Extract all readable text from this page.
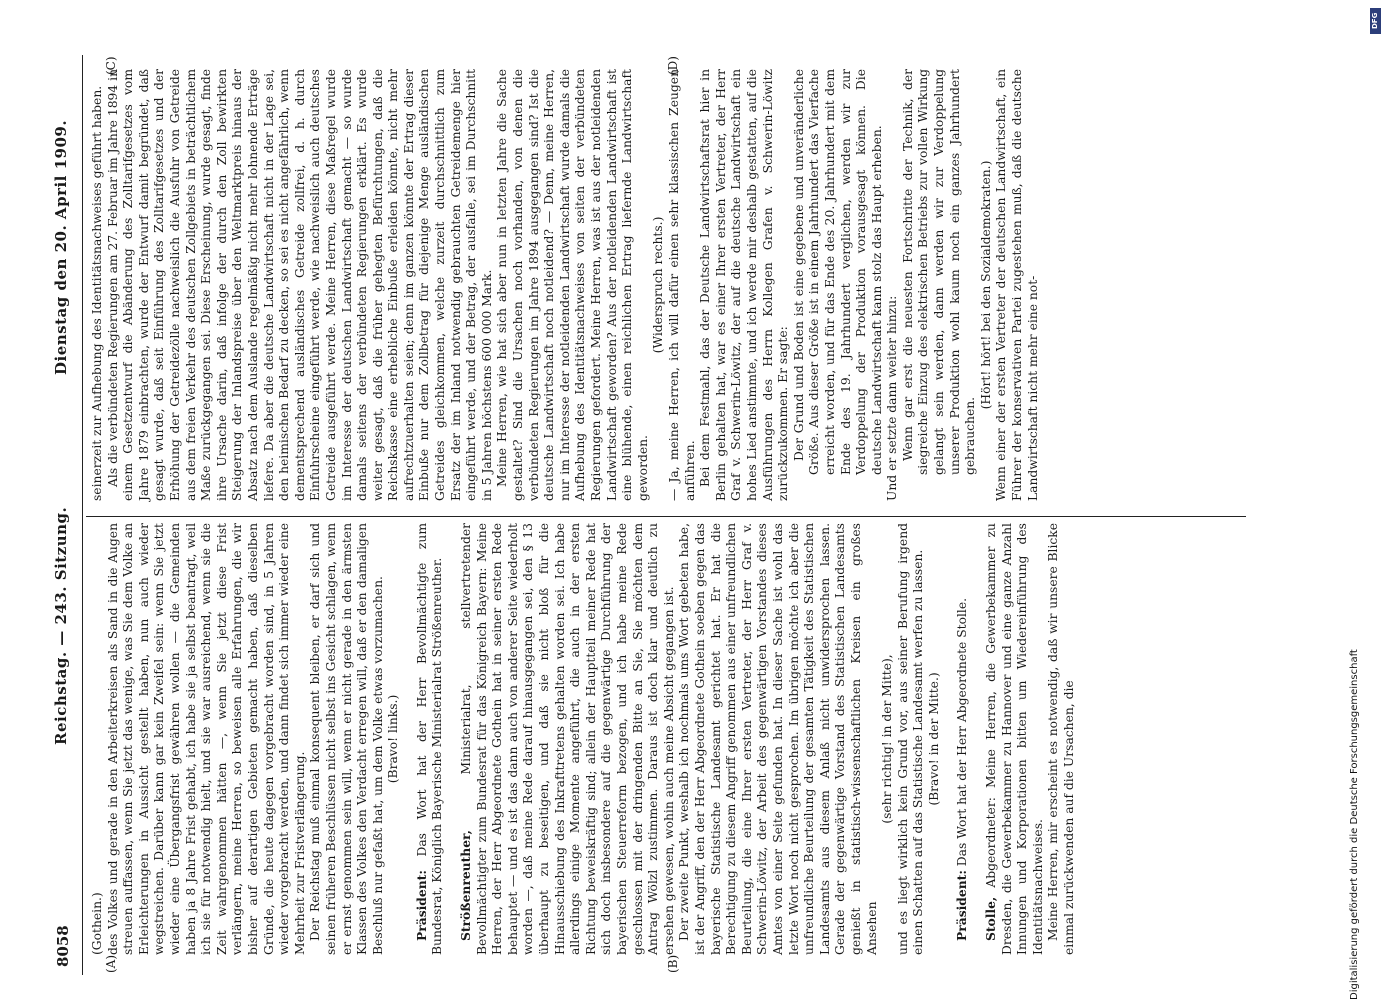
8058
Reichstag. — 243. Sitzung.
Dienstag den 20. April 1909.
(A)	(B)
(C)	(D)

(Gothein.) des Volkes und gerade in den Arbeiterkreisen als Sand in die Augen streuen auffassen, wenn Sie jetzt das wenige, was Sie dem Volke an Erleichterungen in Aussicht gestellt haben, nun auch wieder wegstreichen. Darüber kann gar kein Zweifel sein: wenn Sie jetzt wieder eine Übergangsfrist gewähren wollen — die Gemeinden haben ja 8 Jahre Frist gehabt, ich habe sie ja selbst beantragt, weil ich sie für notwendig hielt, und sie war ausreichend, wenn sie die Zeit wahrgenommen hätten —, wenn Sie jetzt diese Frist verlängern, meine Herren, so beweisen alle Erfahrungen, die wir bisher auf derartigen Gebieten gemacht haben, daß dieselben Gründe, die heute dagegen vorgebracht worden sind, in 5 Jahren wieder vorgebracht werden, und dann findet sich immer wieder eine Mehrheit zur Fristverlängerung. Der Reichstag muß einmal konsequent bleiben, er darf sich und seinen früheren Beschlüssen nicht selbst ins Gesicht schlagen, wenn er ernst genommen sein will, wenn er nicht gerade in den ärmsten Klassen des Volkes den Verdacht erregen will, daß er den damaligen Beschluß nur gefaßt hat, um dem Volke etwas vorzumachen. (Bravo! links.)

Präsident: Das Wort hat der Herr Bevollmächtigte zum Bundesrat, Königlich Bayerische Ministerialrat Strößenreuther. Strößenreuther, Ministerialrat, stellvertretender Bevollmächtigter zum Bundesrat für das Königreich Bayern: Meine Herren, der Herr Abgeordnete Gothein hat in seiner ersten Rede behauptet — und es ist das dann auch von anderer Seite wiederholt worden —, daß meine Rede darauf hinausgegangen sei, den § 13 überhaupt zu beseitigen, und daß sie nicht bloß für die Hinausschiebung des Inkrafttretens gehalten worden sei. Ich habe allerdings einige Momente angeführt, die auch in der ersten Richtung beweiskräftig sind; allein der Hauptteil meiner Rede hat sich doch insbesondere auf die gegenwärtige Durchführung der bayerischen Steuerreform bezogen, und ich habe meine Rede geschlossen mit der dringenden Bitte an Sie, Sie möchten dem Antrag Wölzl zustimmen. Daraus ist doch klar und deutlich zu ersehen gewesen, wohin auch meine Absicht gegangen ist. Der zweite Punkt, weshalb ich nochmals ums Wort gebeten habe, ist der Angriff, den der Herr Abgeordnete Gothein soeben gegen das bayerische Statistische Landesamt gerichtet hat. Er hat die Berechtigung zu diesem Angriff genommen aus einer unfreundlichen Beurteilung, die eine Ihrer ersten Vertreter, der Herr Graf v. Schwerin-Löwitz, der Arbeit des gegenwärtigen Vorstandes dieses Amtes von einer Seite gefunden hat. In dieser Sache ist wohl das letzte Wort noch nicht gesprochen. Im übrigen möchte ich aber die unfreundliche Beurteilung der gesamten Tätigkeit des Statistischen Landesamts aus diesem Anlaß nicht unwidersprochen lassen. Gerade der gegenwärtige Vorstand des Statistischen Landesamts genießt in statistisch-wissenschaftlichen Kreisen ein großes Ansehen

(sehr richtig! in der Mitte), und es liegt wirklich kein Grund vor, aus seiner Berufung irgend einen Schatten auf das Statistische Landesamt werfen zu lassen. (Bravo! in der Mitte.)

Präsident: Das Wort hat der Herr Abgeordnete Stolle.

Stolle, Abgeordneter: Meine Herren, die Gewerbekammer zu Dresden, die Gewerbekammer zu Hannover und eine ganze Anzahl Innungen und Korporationen bitten um Wiedereinführung des Identitätsnachweises. Meine Herren, mir erscheint es notwendig, daß wir unsere Blicke einmal zurückwenden auf die Ursachen, die

seinerzeit zur Aufhebung des Identitätsnachweises geführt haben. Als die verbündeten Regierungen am 27. Februar im Jahre 1894 in einem Gesetzentwurf die Abänderung des Zolltarifgesetzes vom Jahre 1879 einbrachten, wurde der Entwurf damit begründet, daß gesagt wurde, daß seit Einführung des Zolltarifgesetzes und der Erhöhung der Getreidezölle nachweislich die Ausfuhr von Getreide aus dem freien Verkehr des deutschen Zollgebiets in beträchtlichem Maße zurückgegangen sei. Diese Erscheinung, wurde gesagt, finde ihre Ursache darin, daß infolge der durch den Zoll bewirkten Steigerung der Inlandspreise über den Weltmarktpreis hinaus der Absatz nach dem Auslande regelmäßig nicht mehr lohnende Erträge liefere. Da aber die deutsche Landwirtschaft nicht in der Lage sei, den heimischen Bedarf zu decken, so sei es nicht angefährlich, wenn dementsprechend ausländisches Getreide zollfrei, d. h. durch Einfuhrscheine eingeführt werde, wie nachweislich auch deutsches Getreide ausgeführt werde. Meine Herren, diese Maßregel wurde im Interesse der deutschen Landwirtschaft gemacht — so wurde damals seitens der verbündeten Regierungen erklärt. Es wurde weiter gesagt, daß die früher gehegten Befürchtungen, daß die Reichskasse eine erhebliche Einbuße erleiden könnte, nicht mehr aufrechtzuerhalten seien; denn im ganzen könnte der Ertrag dieser Einbuße nur dem Zollbetrag für diejenige Menge ausländischen Getreides gleichkommen, welche zurzeit durchschnittlich zum Ersatz der im Inland notwendig gebrauchten Getreidemenge hier eingeführt werde, und der Betrag, der ausfalle, sei im Durchschnitt in 5 Jahren höchstens 600 000 Mark. Meine Herren, wie hat sich aber nun in letzten Jahre die Sache gestaltet? Sind die Ursachen noch vorhanden, von denen die verbündeten Regierungen im Jahre 1894 ausgegangen sind? Ist die deutsche Landwirtschaft noch notleidend? — Denn, meine Herren, nur im Interesse der notleidenden Landwirtschaft wurde damals die Aufhebung des Identitätsnachweises von seiten der verbündeten Regierungen gefordert. Meine Herren, was ist aus der notleidenden Landwirtschaft geworden? Aus der notleidenden Landwirtschaft ist eine blühende, einen reichlichen Ertrag liefernde Landwirtschaft geworden.

(Widerspruch rechts.) — Ja, meine Herren, ich will dafür einen sehr klassischen Zeugen anführen. Bei dem Festmahl, das der Deutsche Landwirtschaftsrat hier in Berlin gehalten hat, war es einer Ihrer ersten Vertreter, der Herr Graf v. Schwerin-Löwitz, der auf die deutsche Landwirtschaft ein hohes Lied anstimmte, und ich werde mir deshalb gestatten, auf die Ausführungen des Herrn Kollegen Grafen v. Schwerin-Löwitz zurückzukommen. Er sagte: Der Grund und Boden ist eine gegebene und unveränderliche Größe. Aus dieser Größe ist in einem Jahrhundert das Vierfache erreicht worden, und für das Ende des 20. Jahrhundert mit dem Ende des 19. Jahrhundert verglichen, werden wir zur Verdoppelung der Produktion vorausgesagt können. Die deutsche Landwirtschaft kann stolz das Haupt erheben. Und er setzte dann weiter hinzu: Wenn gar erst die neuesten Fortschritte der Technik, der siegreiche Einzug des elektrischen Betriebs zur vollen Wirkung gelangt sein werden, dann werden wir zur Verdoppelung unserer Produktion wohl kaum noch ein ganzes Jahrhundert gebrauchen.

(Hört! hört! bei den Sozialdemokraten.) Wenn einer der ersten Vertreter der deutschen Landwirtschaft, ein Führer der konservativen Partei zugestehen muß, daß die deutsche Landwirtschaft nicht mehr eine not-

Digitalisierung gefördert durch die Deutsche Forschungsgemeinschaft
DFG
